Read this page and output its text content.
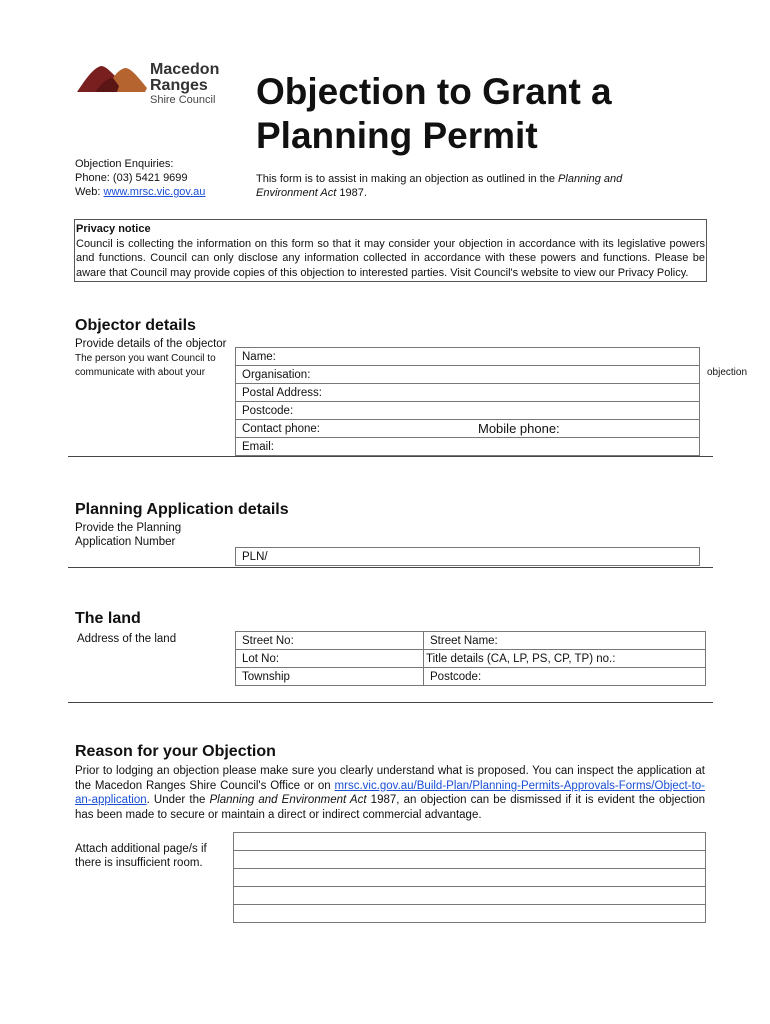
Macedon
Ranges
Shire Council Objection to Grant a
Planning Permit
Objection Enquiries:
Phone: (03) 5421 9699
Web: www.mrsc.vic.gov.au
This form is to assist in making an objection as outlined in the Planning and Environment Act 1987.
Privacy notice
Council is collecting the information on this form so that it may consider your objection in accordance with its legislative powers and functions. Council can only disclose any information collected in accordance with these powers and functions. Please be aware that Council may provide copies of this objection to interested parties. Visit Council's website to view our Privacy Policy.
Objector details
Provide details of the objector
The person you want Council to
communicate with about your	objection
Name:
Organisation:
Postal Address:
Postcode:
Contact phone:	Mobile phone:
Email:
Planning Application details
Provide the Planning
Application Number
PLN/
The land
Address of the land	Street No:	Street Name:
Lot No:	Title details (CA, LP, PS, CP, TP) no.:
Township	Postcode:
Reason for your Objection
Prior to lodging an objection please make sure you clearly understand what is proposed. You can inspect the application at the Macedon Ranges Shire Council's Office or on mrsc.vic.gov.au/Build-Plan/Planning-Permits-Approvals-Forms/Object-to-an-application. Under the Planning and Environment Act 1987, an objection can be dismissed if it is evident the objection has been made to secure or maintain a direct or indirect commercial advantage.
Attach additional page/s if
there is insufficient room.
